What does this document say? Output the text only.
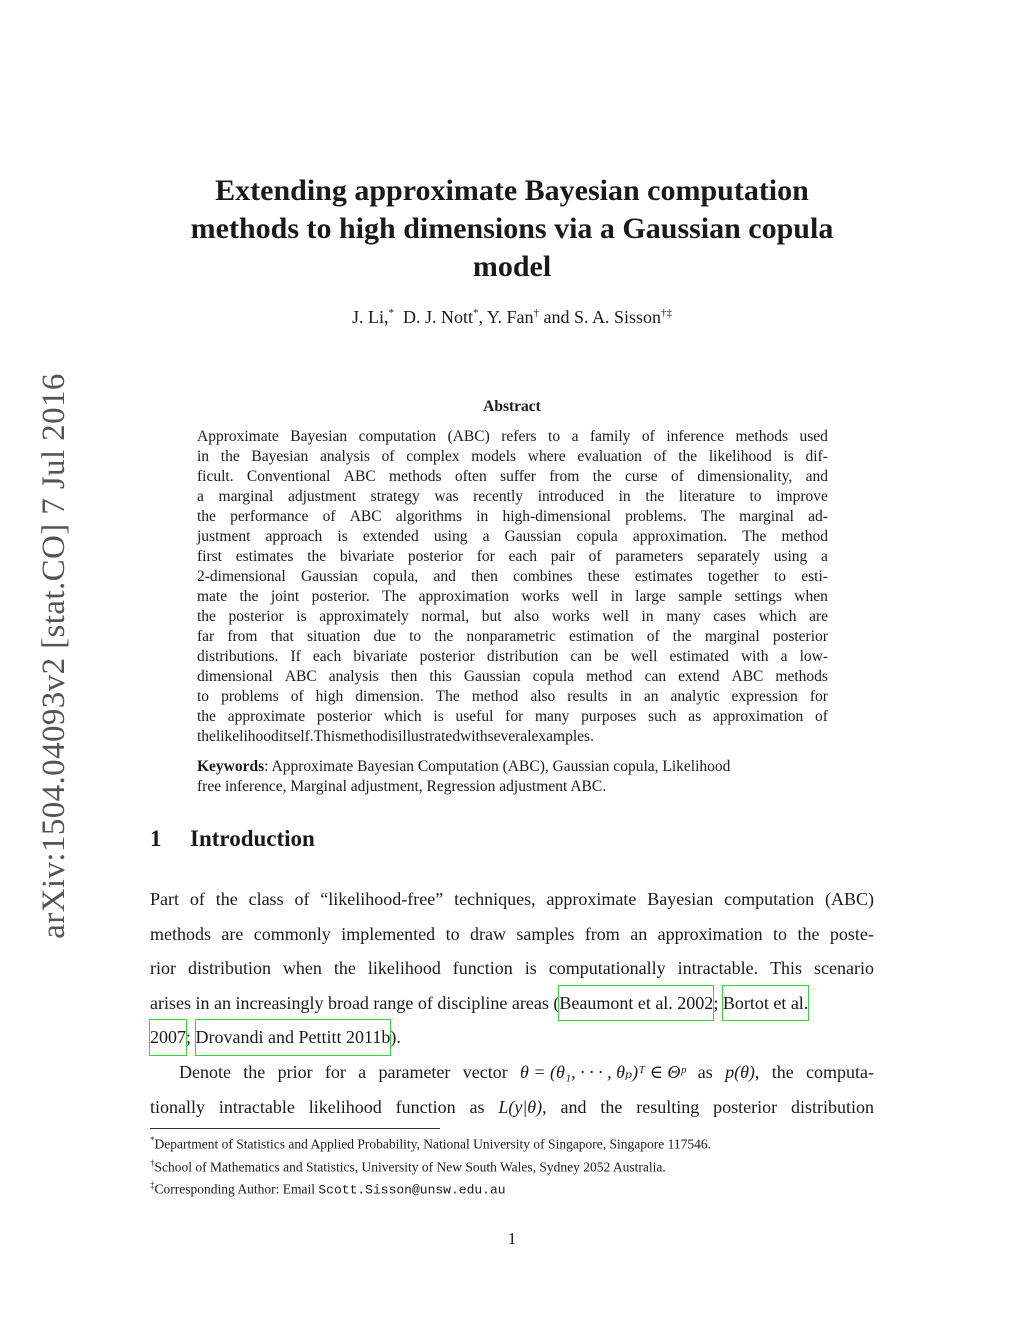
arXiv:1504.04093v2 [stat.CO] 7 Jul 2016
Extending approximate Bayesian computation
methods to high dimensions via a Gaussian copula
model
J. Li,* D. J. Nott*, Y. Fan† and S. A. Sisson†‡
Abstract
Approximate Bayesian computation (ABC) refers to a family of inference methods used
in the Bayesian analysis of complex models where evaluation of the likelihood is dif-
ficult. Conventional ABC methods often suffer from the curse of dimensionality, and
a marginal adjustment strategy was recently introduced in the literature to improve
the performance of ABC algorithms in high-dimensional problems. The marginal ad-
justment approach is extended using a Gaussian copula approximation. The method
first estimates the bivariate posterior for each pair of parameters separately using a
2-dimensional Gaussian copula, and then combines these estimates together to esti-
mate the joint posterior. The approximation works well in large sample settings when
the posterior is approximately normal, but also works well in many cases which are
far from that situation due to the nonparametric estimation of the marginal posterior
distributions. If each bivariate posterior distribution can be well estimated with a low-
dimensional ABC analysis then this Gaussian copula method can extend ABC methods
to problems of high dimension. The method also results in an analytic expression for
the approximate posterior which is useful for many purposes such as approximation of
the likelihood itself. This method is illustrated with several examples.
Keywords: Approximate Bayesian Computation (ABC), Gaussian copula, Likelihood
free inference, Marginal adjustment, Regression adjustment ABC.
1 Introduction
Part of the class of “likelihood-free” techniques, approximate Bayesian computation (ABC)
methods are commonly implemented to draw samples from an approximation to the poste-
rior distribution when the likelihood function is computationally intractable. This scenario
arises in an increasingly broad range of discipline areas ( Beaumont et al. 2002 ; Bortot et al.
2007 ; Drovandi and Pettitt 2011b ).
Denote the prior for a parameter vector θ = (θ₁, · · · , θₚ)ᵀ ∈ Θᵖ as p(θ), the computa-
tionally intractable likelihood function as L(y|θ), and the resulting posterior distribution
*Department of Statistics and Applied Probability, National University of Singapore, Singapore 117546.
†School of Mathematics and Statistics, University of New South Wales, Sydney 2052 Australia.
‡Corresponding Author: Email Scott.Sisson@unsw.edu.au
1
